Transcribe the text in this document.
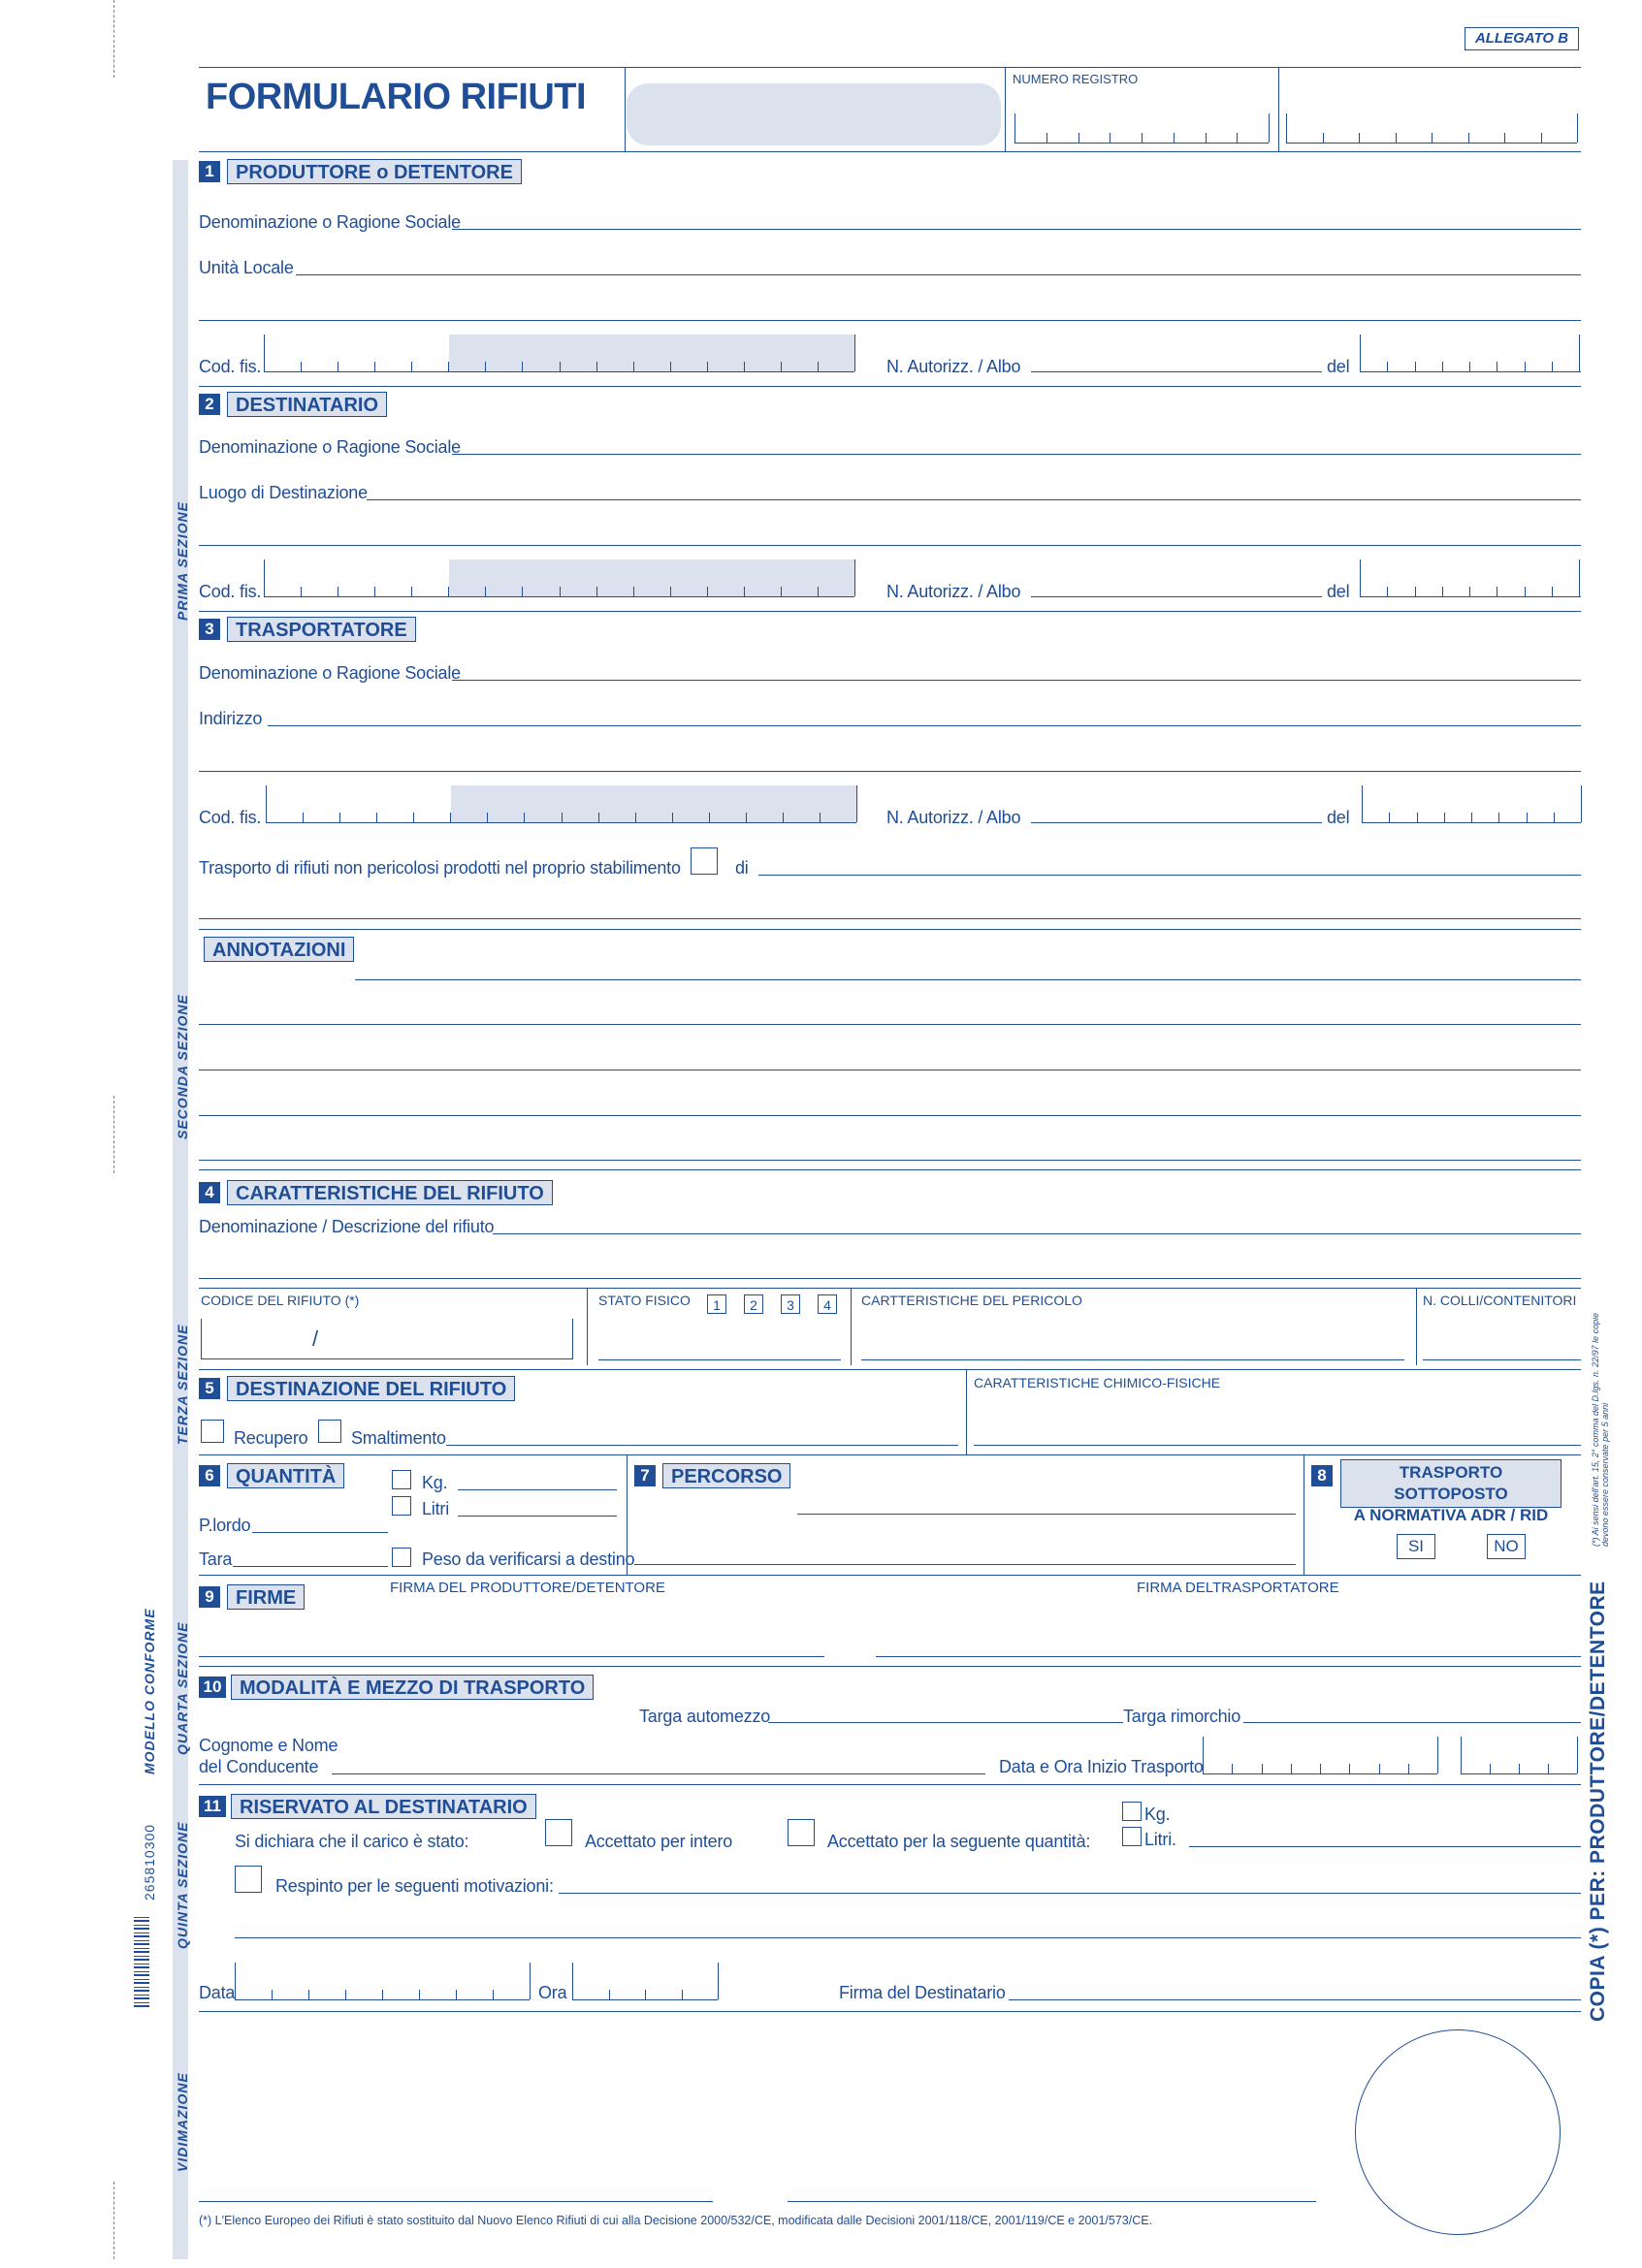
PRIMA SEZIONE
SECONDA SEZIONE
TERZA SEZIONE
QUARTA SEZIONE
QUINTA SEZIONE
VIDIMAZIONE
MODELLO CONFORME
265810300	COPIA (*) PER: PRODUTTORE/DETENTORE
(*) Ai sensi dell'art. 15, 2° comma del D.lgs. n. 22/97 le copie devono essere conservate per 5 anni
ALLEGATO B
FORMULARIO RIFIUTI	NUMERO REGISTRO
1	PRODUTTORE o DETENTORE
Denominazione o Ragione Sociale
Unità Locale
Cod. fis.	N. Autorizz. / Albo	del
2	DESTINATARIO
Denominazione o Ragione Sociale
Luogo di Destinazione
Cod. fis.	N. Autorizz. / Albo	del
3	TRASPORTATORE
Denominazione o Ragione Sociale
Indirizzo
Cod. fis.	N. Autorizz. / Albo	del
Trasporto di rifiuti non pericolosi prodotti nel proprio stabilimento	di
ANNOTAZIONI
4	CARATTERISTICHE DEL RIFIUTO
Denominazione / Descrizione del rifiuto
CODICE DEL RIFIUTO (*)
/
STATO FISICO	1	2	3	4	CARTTERISTICHE DEL PERICOLO	N. COLLI/CONTENITORI
5	DESTINAZIONE DEL RIFIUTO	CARATTERISTICHE CHIMICO-FISICHE
Recupero Smaltimento
6	QUANTITÀ	Kg.
Litri
P.lordo
Tara	Peso da verificarsi a destino
7	PERCORSO	8	TRASPORTO SOTTOPOSTO
A NORMATIVA ADR / RID
SI	NO
9	FIRME	FIRMA DEL PRODUTTORE/DETENTORE	FIRMA DELTRASPORTATORE
10 MODALITÀ E MEZZO DI TRASPORTO
Targa automezzo	Targa rimorchio
Cognome e Nome
del Conducente	Data e Ora Inizio Trasporto
11 RISERVATO AL DESTINATARIO
Si dichiara che il carico è stato:	Accettato per intero	Accettato per la seguente quantità:
Kg.
Litri.
Respinto per le seguenti motivazioni:
Data	Ora	Firma del Destinatario
(*) L'Elenco Europeo dei Rifiuti è stato sostituito dal Nuovo Elenco Rifiuti di cui alla Decisione 2000/532/CE, modificata dalle Decisioni 2001/118/CE, 2001/119/CE e 2001/573/CE.
